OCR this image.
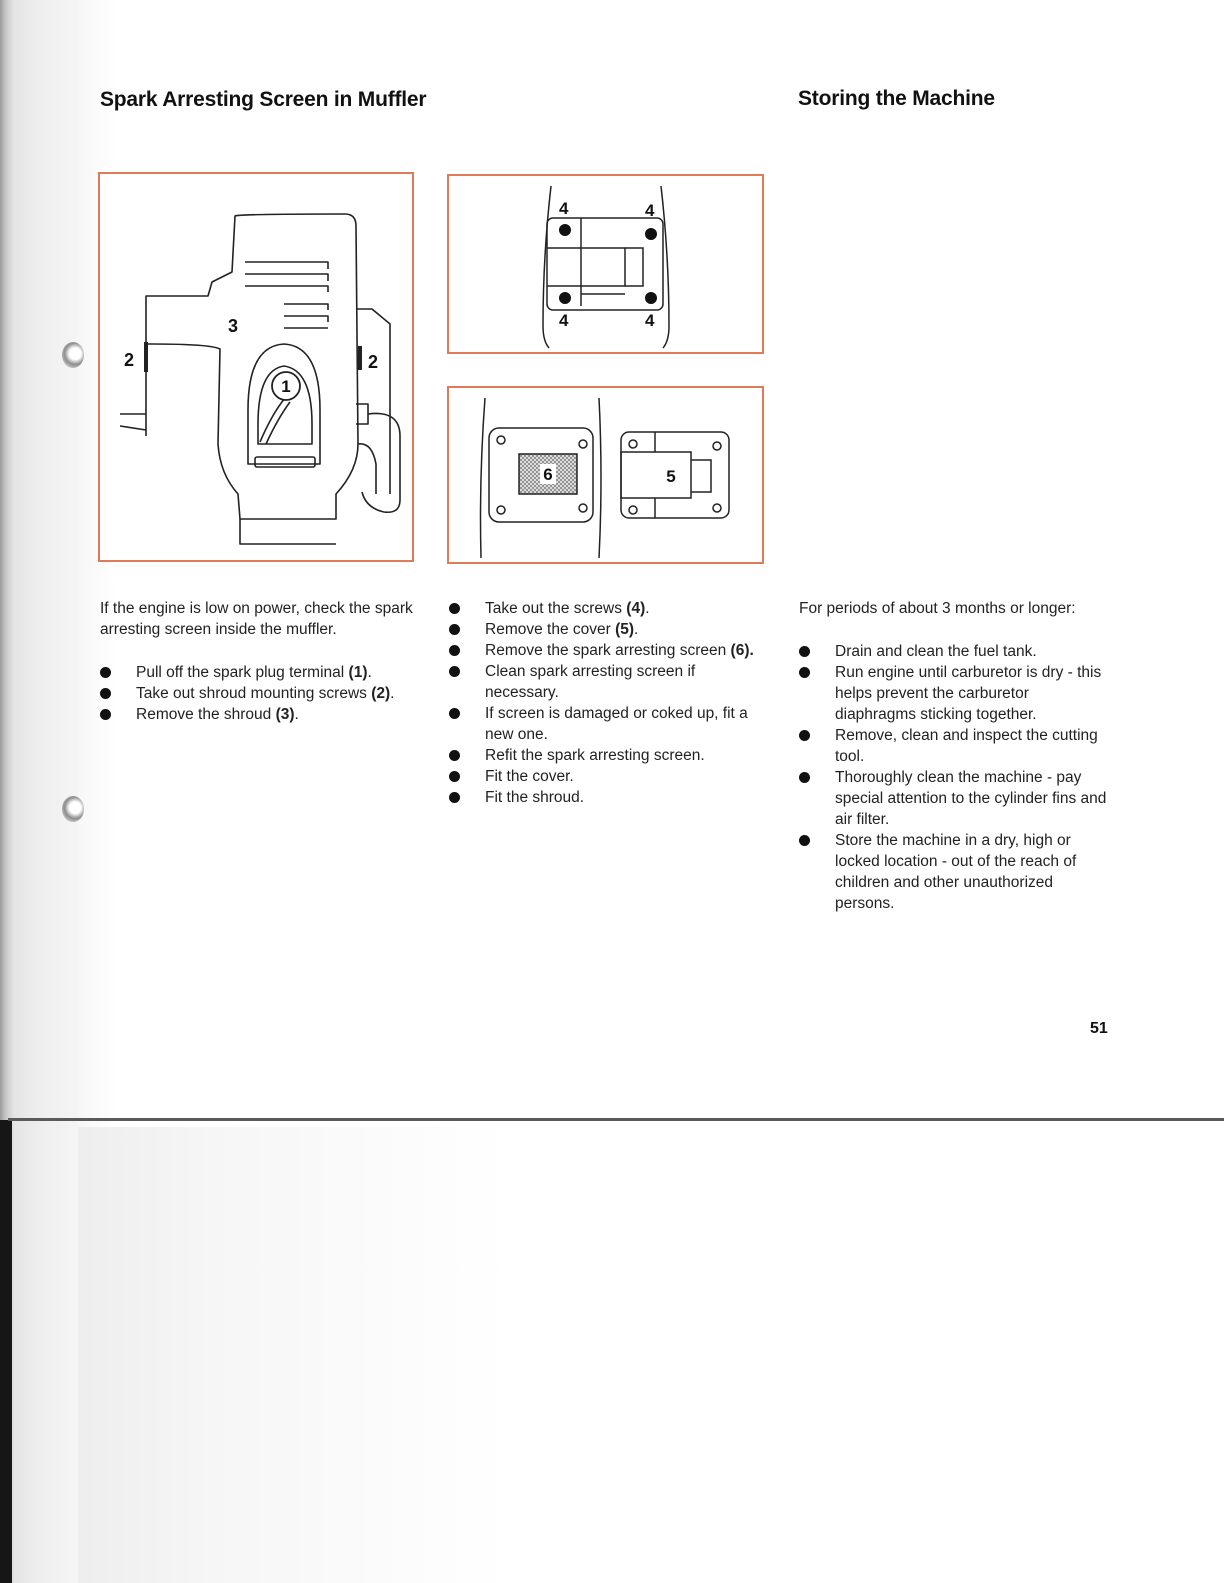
Spark Arresting Screen in Muffler	Storing the Machine
1
2	2
3
4	4
4	4
6	5

If the engine is low on power, check the spark arresting screen inside the muffler.

Pull off the spark plug terminal (1).
Take out shroud mounting screws (2).
Remove the shroud (3).
Take out the screws (4).
Remove the cover (5).
Remove the spark arresting screen (6).
Clean spark arresting screen if necessary.
If screen is damaged or coked up, fit a new one.
Refit the spark arresting screen.
Fit the cover.
Fit the shroud.

For periods of about 3 months or longer:

Drain and clean the fuel tank.
Run engine until carburetor is dry - this helps prevent the carburetor diaphragms sticking together.
Remove, clean and inspect the cutting tool.
Thoroughly clean the machine - pay special attention to the cylinder fins and air filter.
Store the machine in a dry, high or locked location - out of the reach of children and other unauthorized persons.
51
